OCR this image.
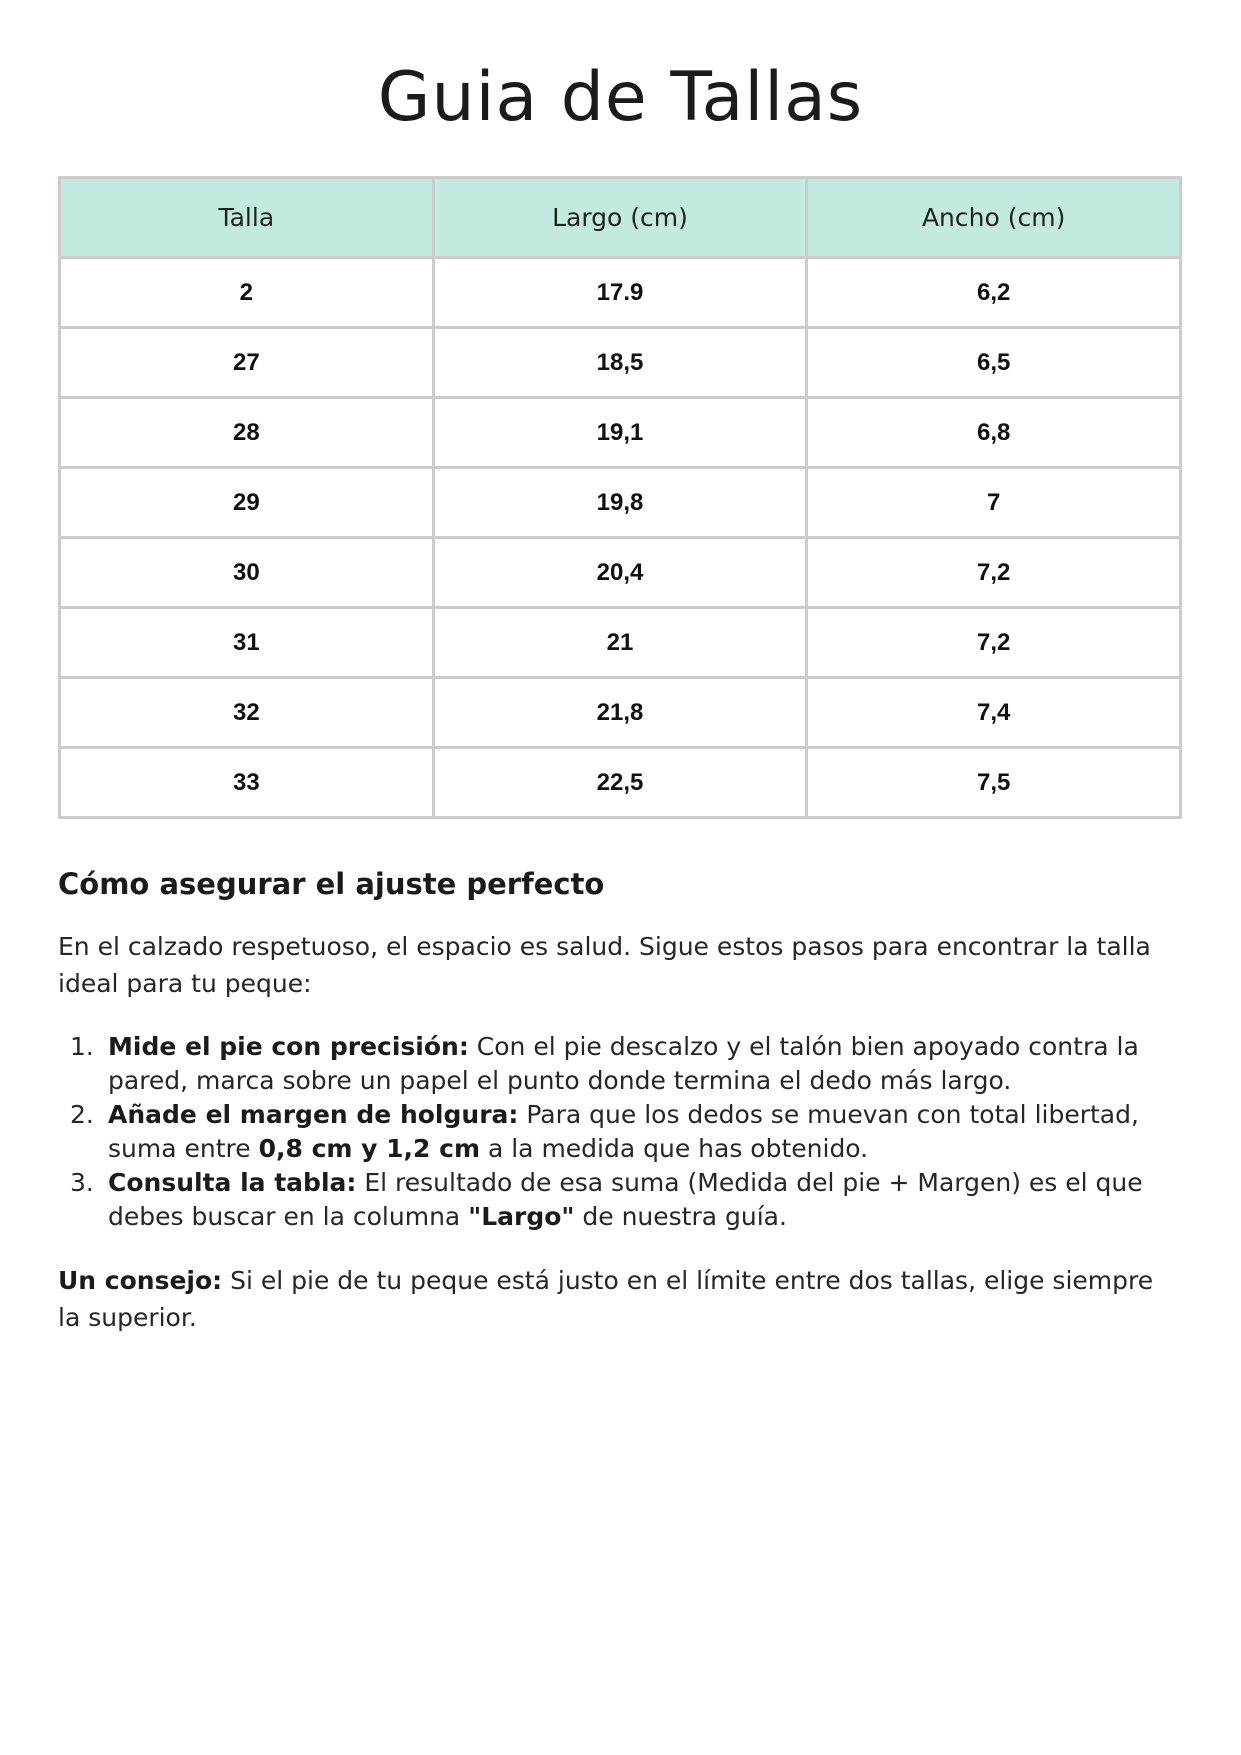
Guia de Tallas
Talla	Largo (cm)	Ancho (cm)
2	17.9	6,2
27	18,5	6,5
28	19,1	6,8
29	19,8	7
30	20,4	7,2
31	21	7,2
32	21,8	7,4
33	22,5	7,5
Cómo asegurar el ajuste perfecto

En el calzado respetuoso, el espacio es salud. Sigue estos pasos para encontrar la talla ideal para tu peque:

1. Mide el pie con precisión: Con el pie descalzo y el talón bien apoyado contra la pared, marca sobre un papel el punto donde termina el dedo más largo.
2. Añade el margen de holgura: Para que los dedos se muevan con total libertad, suma entre 0,8 cm y 1,2 cm a la medida que has obtenido.
3. Consulta la tabla: El resultado de esa suma (Medida del pie + Margen) es el que debes buscar en la columna "Largo" de nuestra guía.

Un consejo: Si el pie de tu peque está justo en el límite entre dos tallas, elige siempre la superior.
